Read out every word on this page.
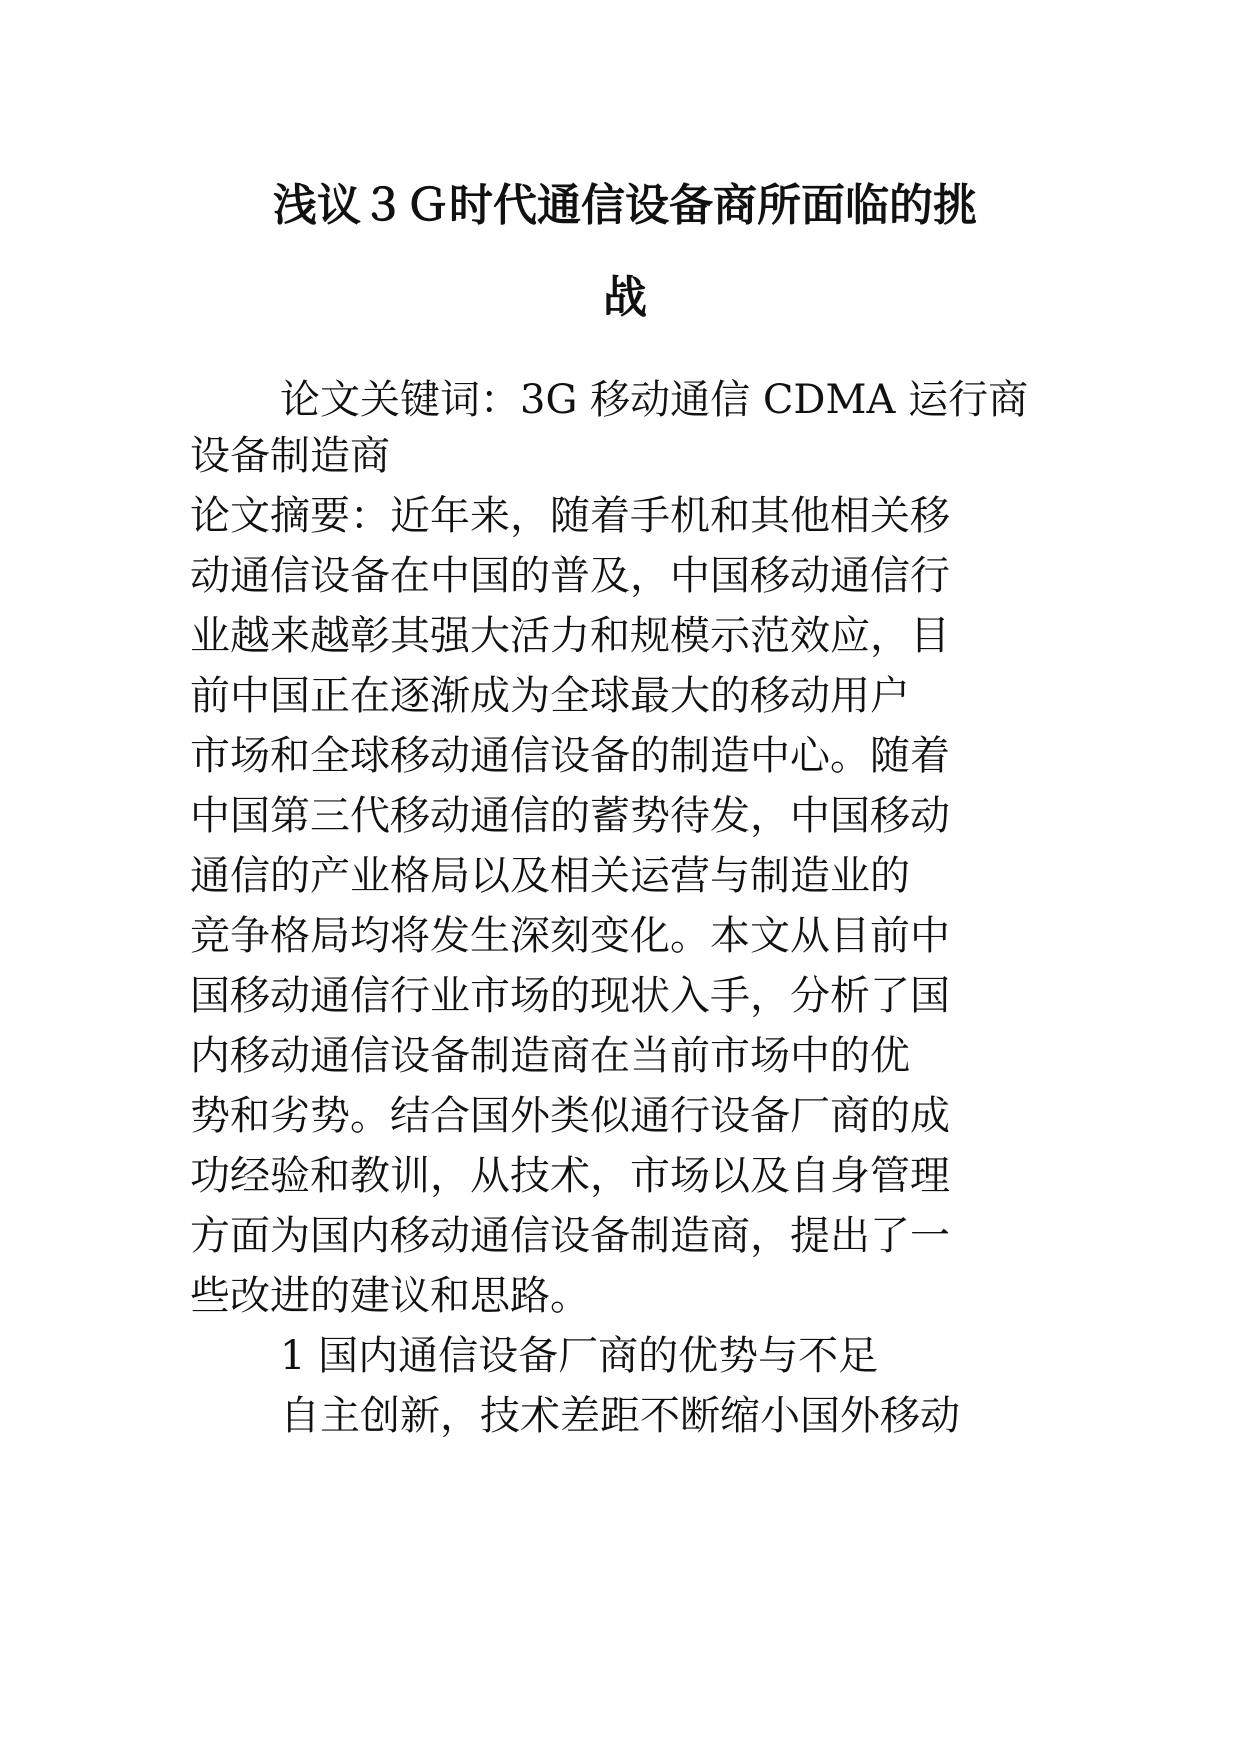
浅议３Ｇ时代通信设备商所面临的挑
战
论文关键词：3G 移动通信 CDMA 运行商
设备制造商
论文摘要：近年来，随着手机和其他相关移
动通信设备在中国的普及，中国移动通信行
业越来越彰其强大活力和规模示范效应，目
前中国正在逐渐成为全球最大的移动用户
市场和全球移动通信设备的制造中心。随着
中国第三代移动通信的蓄势待发，中国移动
通信的产业格局以及相关运营与制造业的
竞争格局均将发生深刻变化。本文从目前中
国移动通信行业市场的现状入手，分析了国
内移动通信设备制造商在当前市场中的优
势和劣势。结合国外类似通行设备厂商的成
功经验和教训，从技术，市场以及自身管理
方面为国内移动通信设备制造商，提出了一
些改进的建议和思路。
1 国内通信设备厂商的优势与不足
自主创新，技术差距不断缩小国外移动
